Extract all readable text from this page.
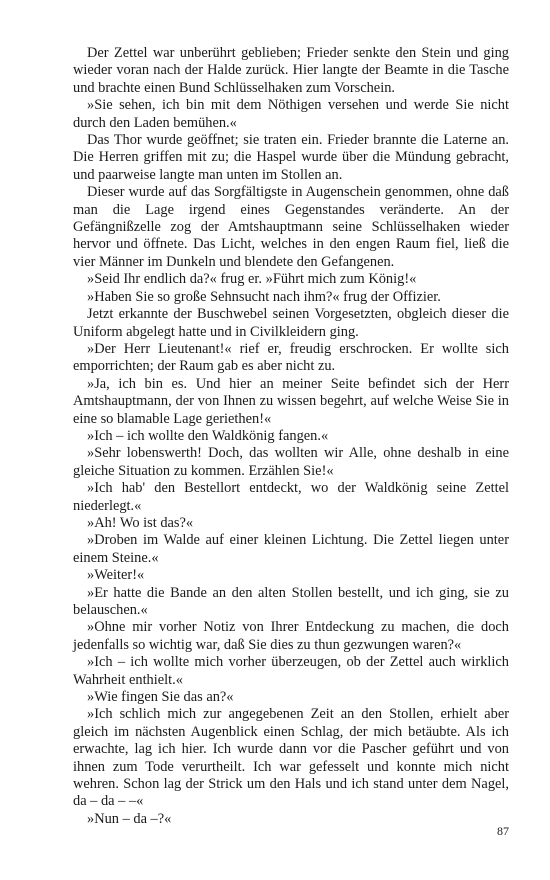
Der Zettel war unberührt geblieben; Frieder senkte den Stein und ging wieder voran nach der Halde zurück. Hier langte der Beamte in die Tasche und brachte einen Bund Schlüsselhaken zum Vorschein.

»Sie sehen, ich bin mit dem Nöthigen versehen und werde Sie nicht durch den Laden bemühen.«

Das Thor wurde geöffnet; sie traten ein. Frieder brannte die Laterne an. Die Herren griffen mit zu; die Haspel wurde über die Mündung gebracht, und paarweise langte man unten im Stollen an.

Dieser wurde auf das Sorgfältigste in Augenschein genommen, ohne daß man die Lage irgend eines Gegenstandes veränderte. An der Gefängnißzelle zog der Amtshauptmann seine Schlüsselhaken wieder hervor und öffnete. Das Licht, welches in den engen Raum fiel, ließ die vier Männer im Dunkeln und blendete den Gefangenen.

»Seid Ihr endlich da?« frug er. »Führt mich zum König!«

»Haben Sie so große Sehnsucht nach ihm?« frug der Offizier.

Jetzt erkannte der Buschwebel seinen Vorgesetzten, obgleich dieser die Uniform abgelegt hatte und in Civilkleidern ging.

»Der Herr Lieutenant!« rief er, freudig erschrocken. Er wollte sich emporrichten; der Raum gab es aber nicht zu.

»Ja, ich bin es. Und hier an meiner Seite befindet sich der Herr Amtshauptmann, der von Ihnen zu wissen begehrt, auf welche Weise Sie in eine so blamable Lage geriethen!«

»Ich – ich wollte den Waldkönig fangen.«

»Sehr lobenswerth! Doch, das wollten wir Alle, ohne deshalb in eine gleiche Situation zu kommen. Erzählen Sie!«

»Ich hab' den Bestellort entdeckt, wo der Waldkönig seine Zettel niederlegt.«

»Ah! Wo ist das?«

»Droben im Walde auf einer kleinen Lichtung. Die Zettel liegen unter einem Steine.«

»Weiter!«

»Er hatte die Bande an den alten Stollen bestellt, und ich ging, sie zu belauschen.«

»Ohne mir vorher Notiz von Ihrer Entdeckung zu machen, die doch jedenfalls so wichtig war, daß Sie dies zu thun gezwungen waren?«

»Ich – ich wollte mich vorher überzeugen, ob der Zettel auch wirklich Wahrheit enthielt.«

»Wie fingen Sie das an?«

»Ich schlich mich zur angegebenen Zeit an den Stollen, erhielt aber gleich im nächsten Augenblick einen Schlag, der mich betäubte. Als ich erwachte, lag ich hier. Ich wurde dann vor die Pascher geführt und von ihnen zum Tode verurtheilt. Ich war gefesselt und konnte mich nicht wehren. Schon lag der Strick um den Hals und ich stand unter dem Nagel, da – da – –«

»Nun – da –?«

87
